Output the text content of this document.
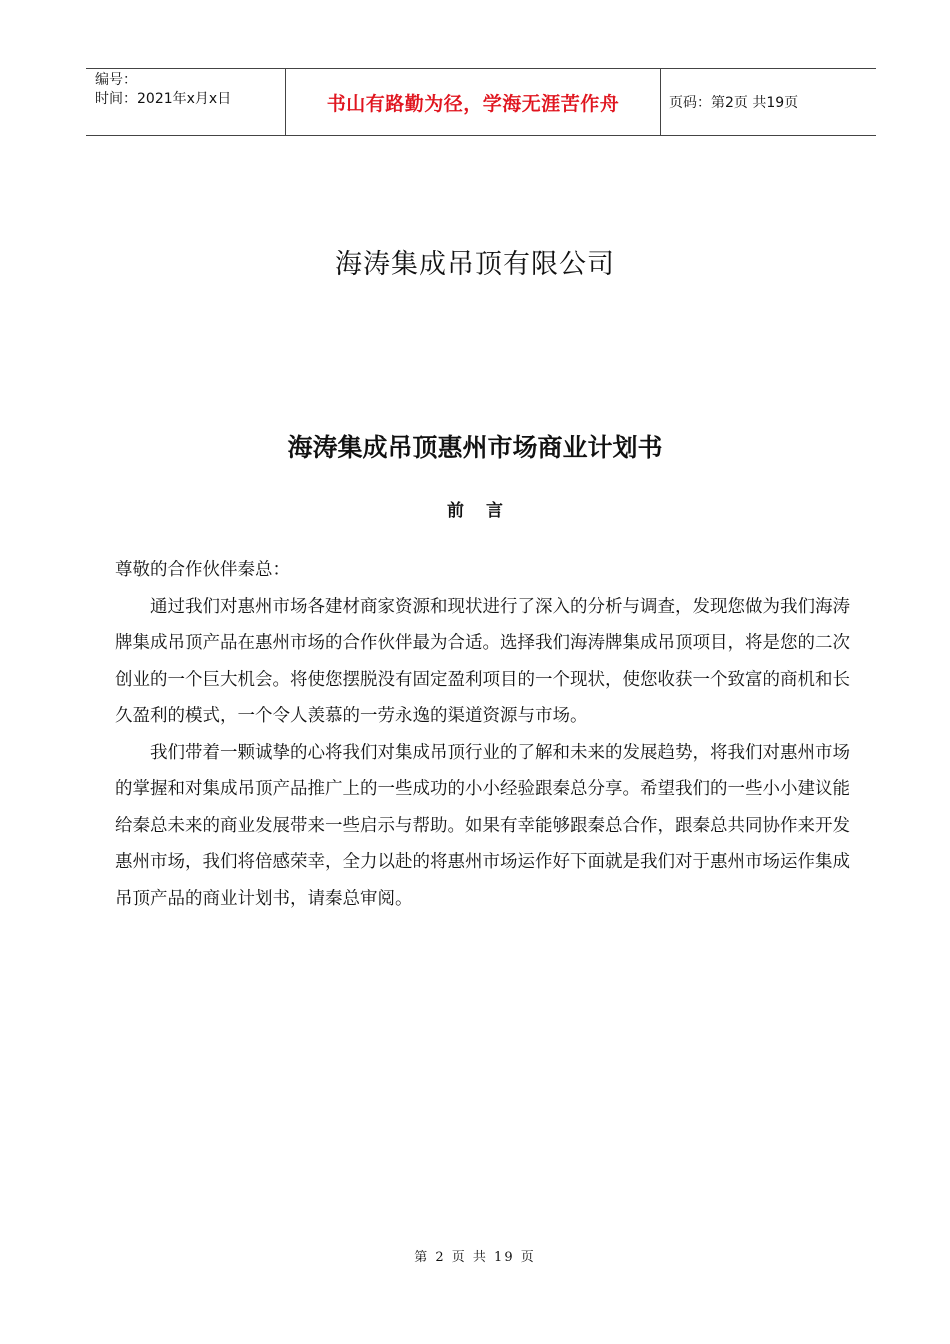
编号：
时间：2021年x月x日	书山有路勤为径，学海无涯苦作舟	页码：第2页 共19页
海涛集成吊顶有限公司
海涛集成吊顶惠州市场商业计划书
前言

尊敬的合作伙伴秦总：

通过我们对惠州市场各建材商家资源和现状进行了深入的分析与调查，发现您做为我们海涛牌集成吊顶产品在惠州市场的合作伙伴最为合适。选择我们海涛牌集成吊顶项目，将是您的二次创业的一个巨大机会。将使您摆脱没有固定盈利项目的一个现状，使您收获一个致富的商机和长久盈利的模式，一个令人羡慕的一劳永逸的渠道资源与市场。

我们带着一颗诚挚的心将我们对集成吊顶行业的了解和未来的发展趋势，将我们对惠州市场的掌握和对集成吊顶产品推广上的一些成功的小小经验跟秦总分享。希望我们的一些小小建议能给秦总未来的商业发展带来一些启示与帮助。如果有幸能够跟秦总合作，跟秦总共同协作来开发惠州市场，我们将倍感荣幸，全力以赴的将惠州市场运作好下面就是我们对于惠州市场运作集成吊顶产品的商业计划书，请秦总审阅。

第 2 页 共 19 页
